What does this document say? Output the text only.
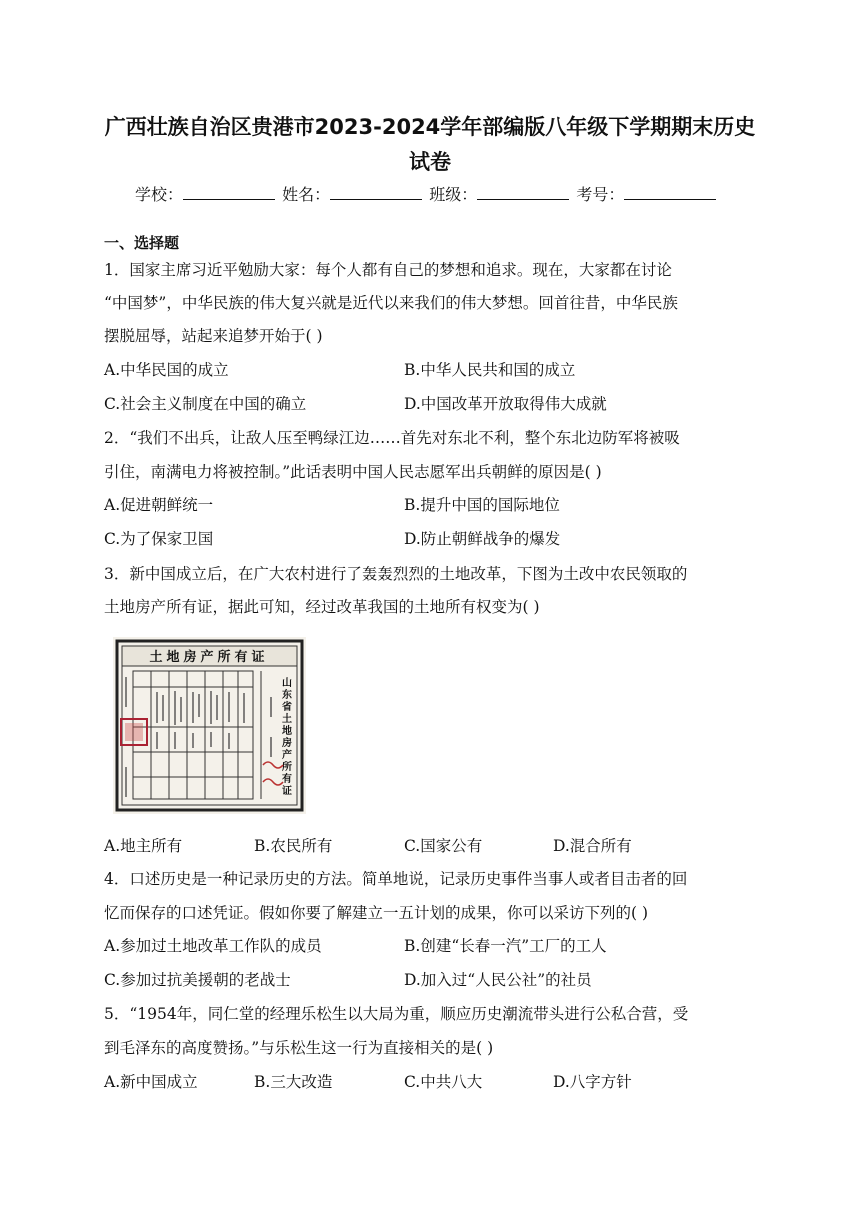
广西壮族自治区贵港市2023-2024学年部编版八年级下学期期末历史
试卷
学校：	姓名：	班级：	考号：
一、选择题
1．国家主席习近平勉励大家：每个人都有自己的梦想和追求。现在，大家都在讨论
“中国梦”，中华民族的伟大复兴就是近代以来我们的伟大梦想。回首往昔，中华民族
摆脱屈辱，站起来追梦开始于( )
A.中华民国的成立	B.中华人民共和国的成立
C.社会主义制度在中国的确立	D.中国改革开放取得伟大成就
2．“我们不出兵，让敌人压至鸭绿江边……首先对东北不利，整个东北边防军将被吸
引住，南满电力将被控制。”此话表明中国人民志愿军出兵朝鲜的原因是( )
A.促进朝鲜统一	B.提升中国的国际地位
C.为了保家卫国	D.防止朝鲜战争的爆发
3．新中国成立后，在广大农村进行了轰轰烈烈的土地改革，下图为土改中农民领取的
土地房产所有证，据此可知，经过改革我国的土地所有权变为( )
土地房产所有证
山东省土地房产所有证
A.地主所有	B.农民所有	C.国家公有	D.混合所有
4．口述历史是一种记录历史的方法。简单地说，记录历史事件当事人或者目击者的回
忆而保存的口述凭证。假如你要了解建立一五计划的成果，你可以采访下列的( )
A.参加过土地改革工作队的成员	B.创建“长春一汽”工厂的工人
C.参加过抗美援朝的老战士	D.加入过“人民公社”的社员
5．“1954年，同仁堂的经理乐松生以大局为重，顺应历史潮流带头进行公私合营，受
到毛泽东的高度赞扬。”与乐松生这一行为直接相关的是( )
A.新中国成立	B.三大改造	C.中共八大	D.八字方针
